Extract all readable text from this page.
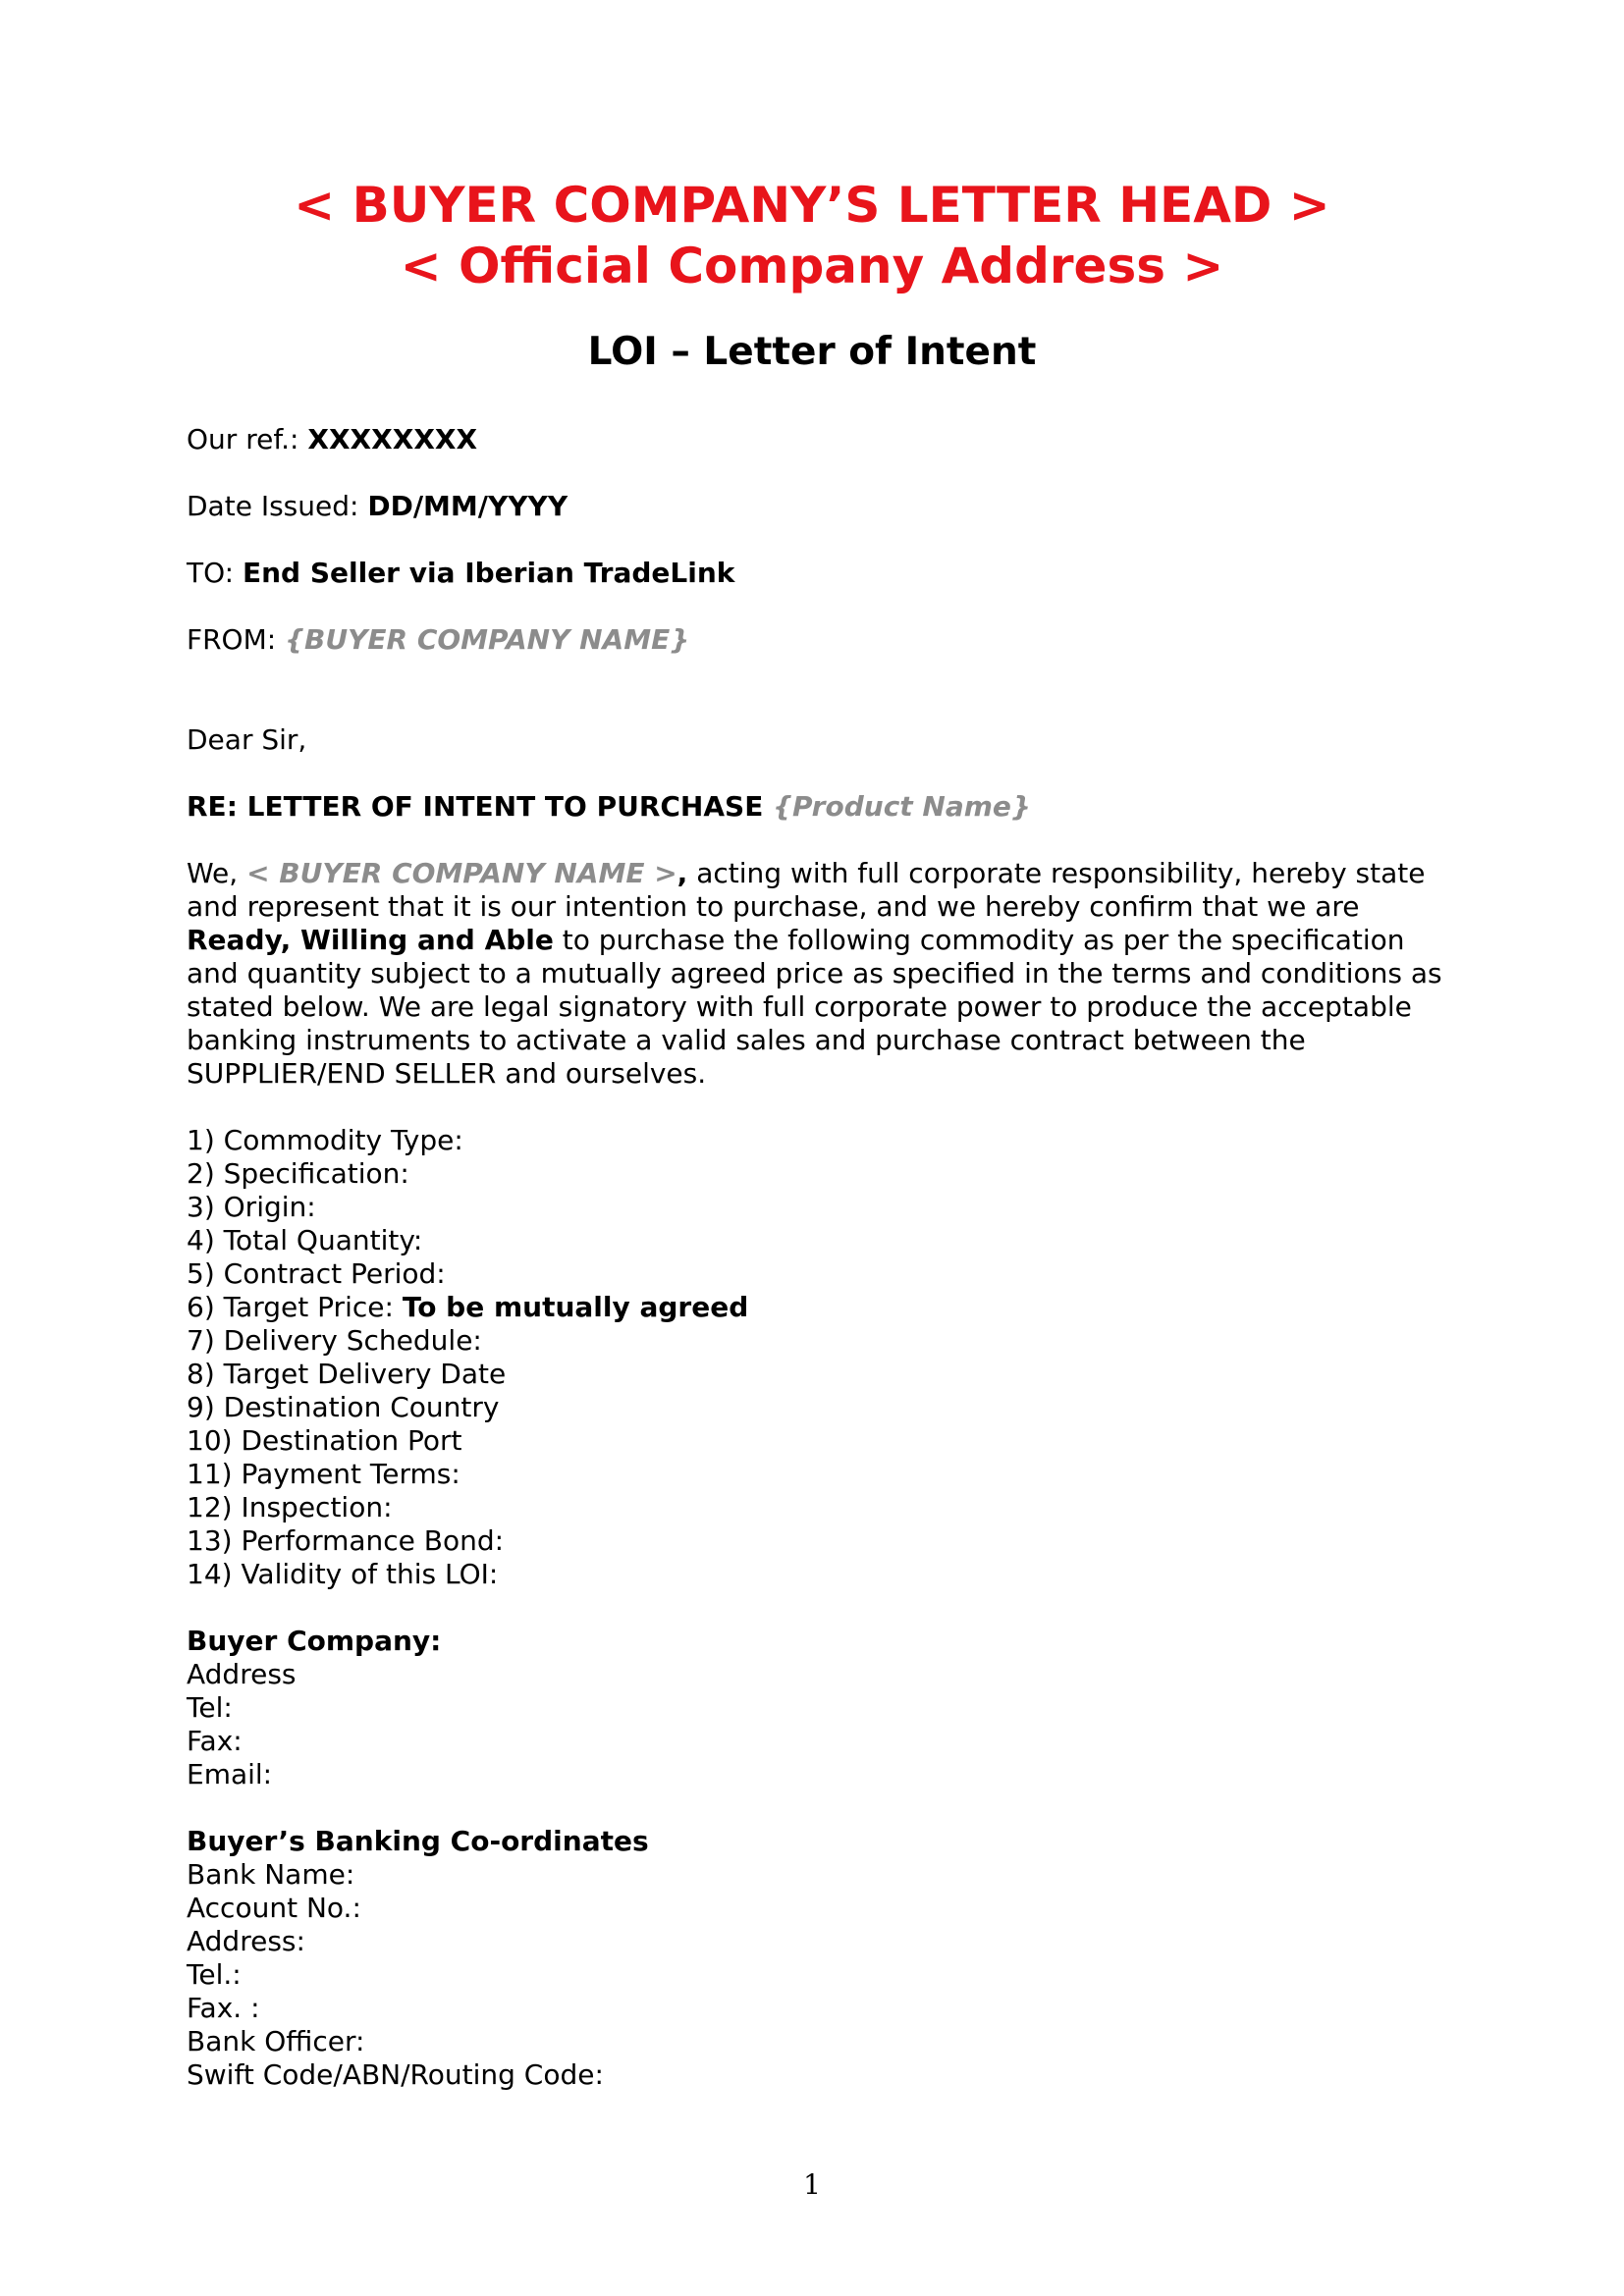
< BUYER COMPANY’S LETTER HEAD >
< Official Company Address >
LOI – Letter of Intent
Our ref.: XXXXXXXX
Date Issued: DD/MM/YYYY
TO: End Seller via Iberian TradeLink
FROM: {BUYER COMPANY NAME}
Dear Sir,
RE: LETTER OF INTENT TO PURCHASE {Product Name}
We, < BUYER COMPANY NAME >, acting with full corporate responsibility, hereby state and represent that it is our intention to purchase, and we hereby confirm that we are Ready, Willing and Able to purchase the following commodity as per the specification and quantity subject to a mutually agreed price as specified in the terms and conditions as stated below. We are legal signatory with full corporate power to produce the acceptable banking instruments to activate a valid sales and purchase contract between the SUPPLIER/END SELLER and ourselves.
1) Commodity Type:
2) Specification:
3) Origin:
4) Total Quantity:
5) Contract Period:
6) Target Price: To be mutually agreed
7) Delivery Schedule:
8) Target Delivery Date
9) Destination Country
10) Destination Port
11) Payment Terms:
12) Inspection:
13) Performance Bond:
14) Validity of this LOI:
Buyer Company:
Address
Tel:
Fax:
Email:
Buyer’s Banking Co-ordinates
Bank Name:
Account No.:
Address:
Tel.:
Fax. :
Bank Officer:
Swift Code/ABN/Routing Code:
1
